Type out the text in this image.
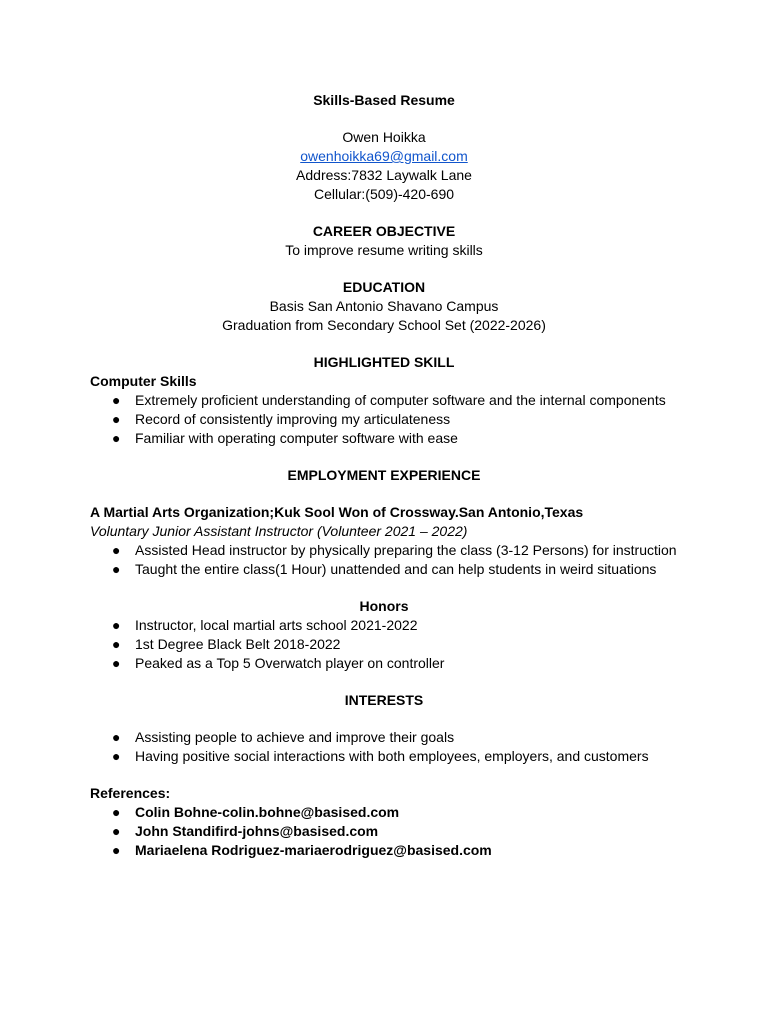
Skills-Based Resume
Owen Hoikka
owenhoikka69@gmail.com
Address:7832 Laywalk Lane
Cellular:(509)-420-690
CAREER OBJECTIVE
To improve resume writing skills
EDUCATION
Basis San Antonio Shavano Campus
Graduation from Secondary School Set (2022-2026)
HIGHLIGHTED SKILL
Computer Skills
● Extremely proficient understanding of computer software and the internal components
● Record of consistently improving my articulateness
● Familiar with operating computer software with ease
EMPLOYMENT EXPERIENCE
A Martial Arts Organization;Kuk Sool Won of Crossway.San Antonio,Texas
Voluntary Junior Assistant Instructor (Volunteer 2021 – 2022)
● Assisted Head instructor by physically preparing the class (3-12 Persons) for instruction
● Taught the entire class(1 Hour) unattended and can help students in weird situations
Honors
● Instructor, local martial arts school 2021-2022
● 1st Degree Black Belt 2018-2022
● Peaked as a Top 5 Overwatch player on controller
INTERESTS
● Assisting people to achieve and improve their goals
● Having positive social interactions with both employees, employers, and customers
References:
● Colin Bohne-colin.bohne@basised.com
● John Standifird-johns@basised.com
● Mariaelena Rodriguez-mariaerodriguez@basised.com
